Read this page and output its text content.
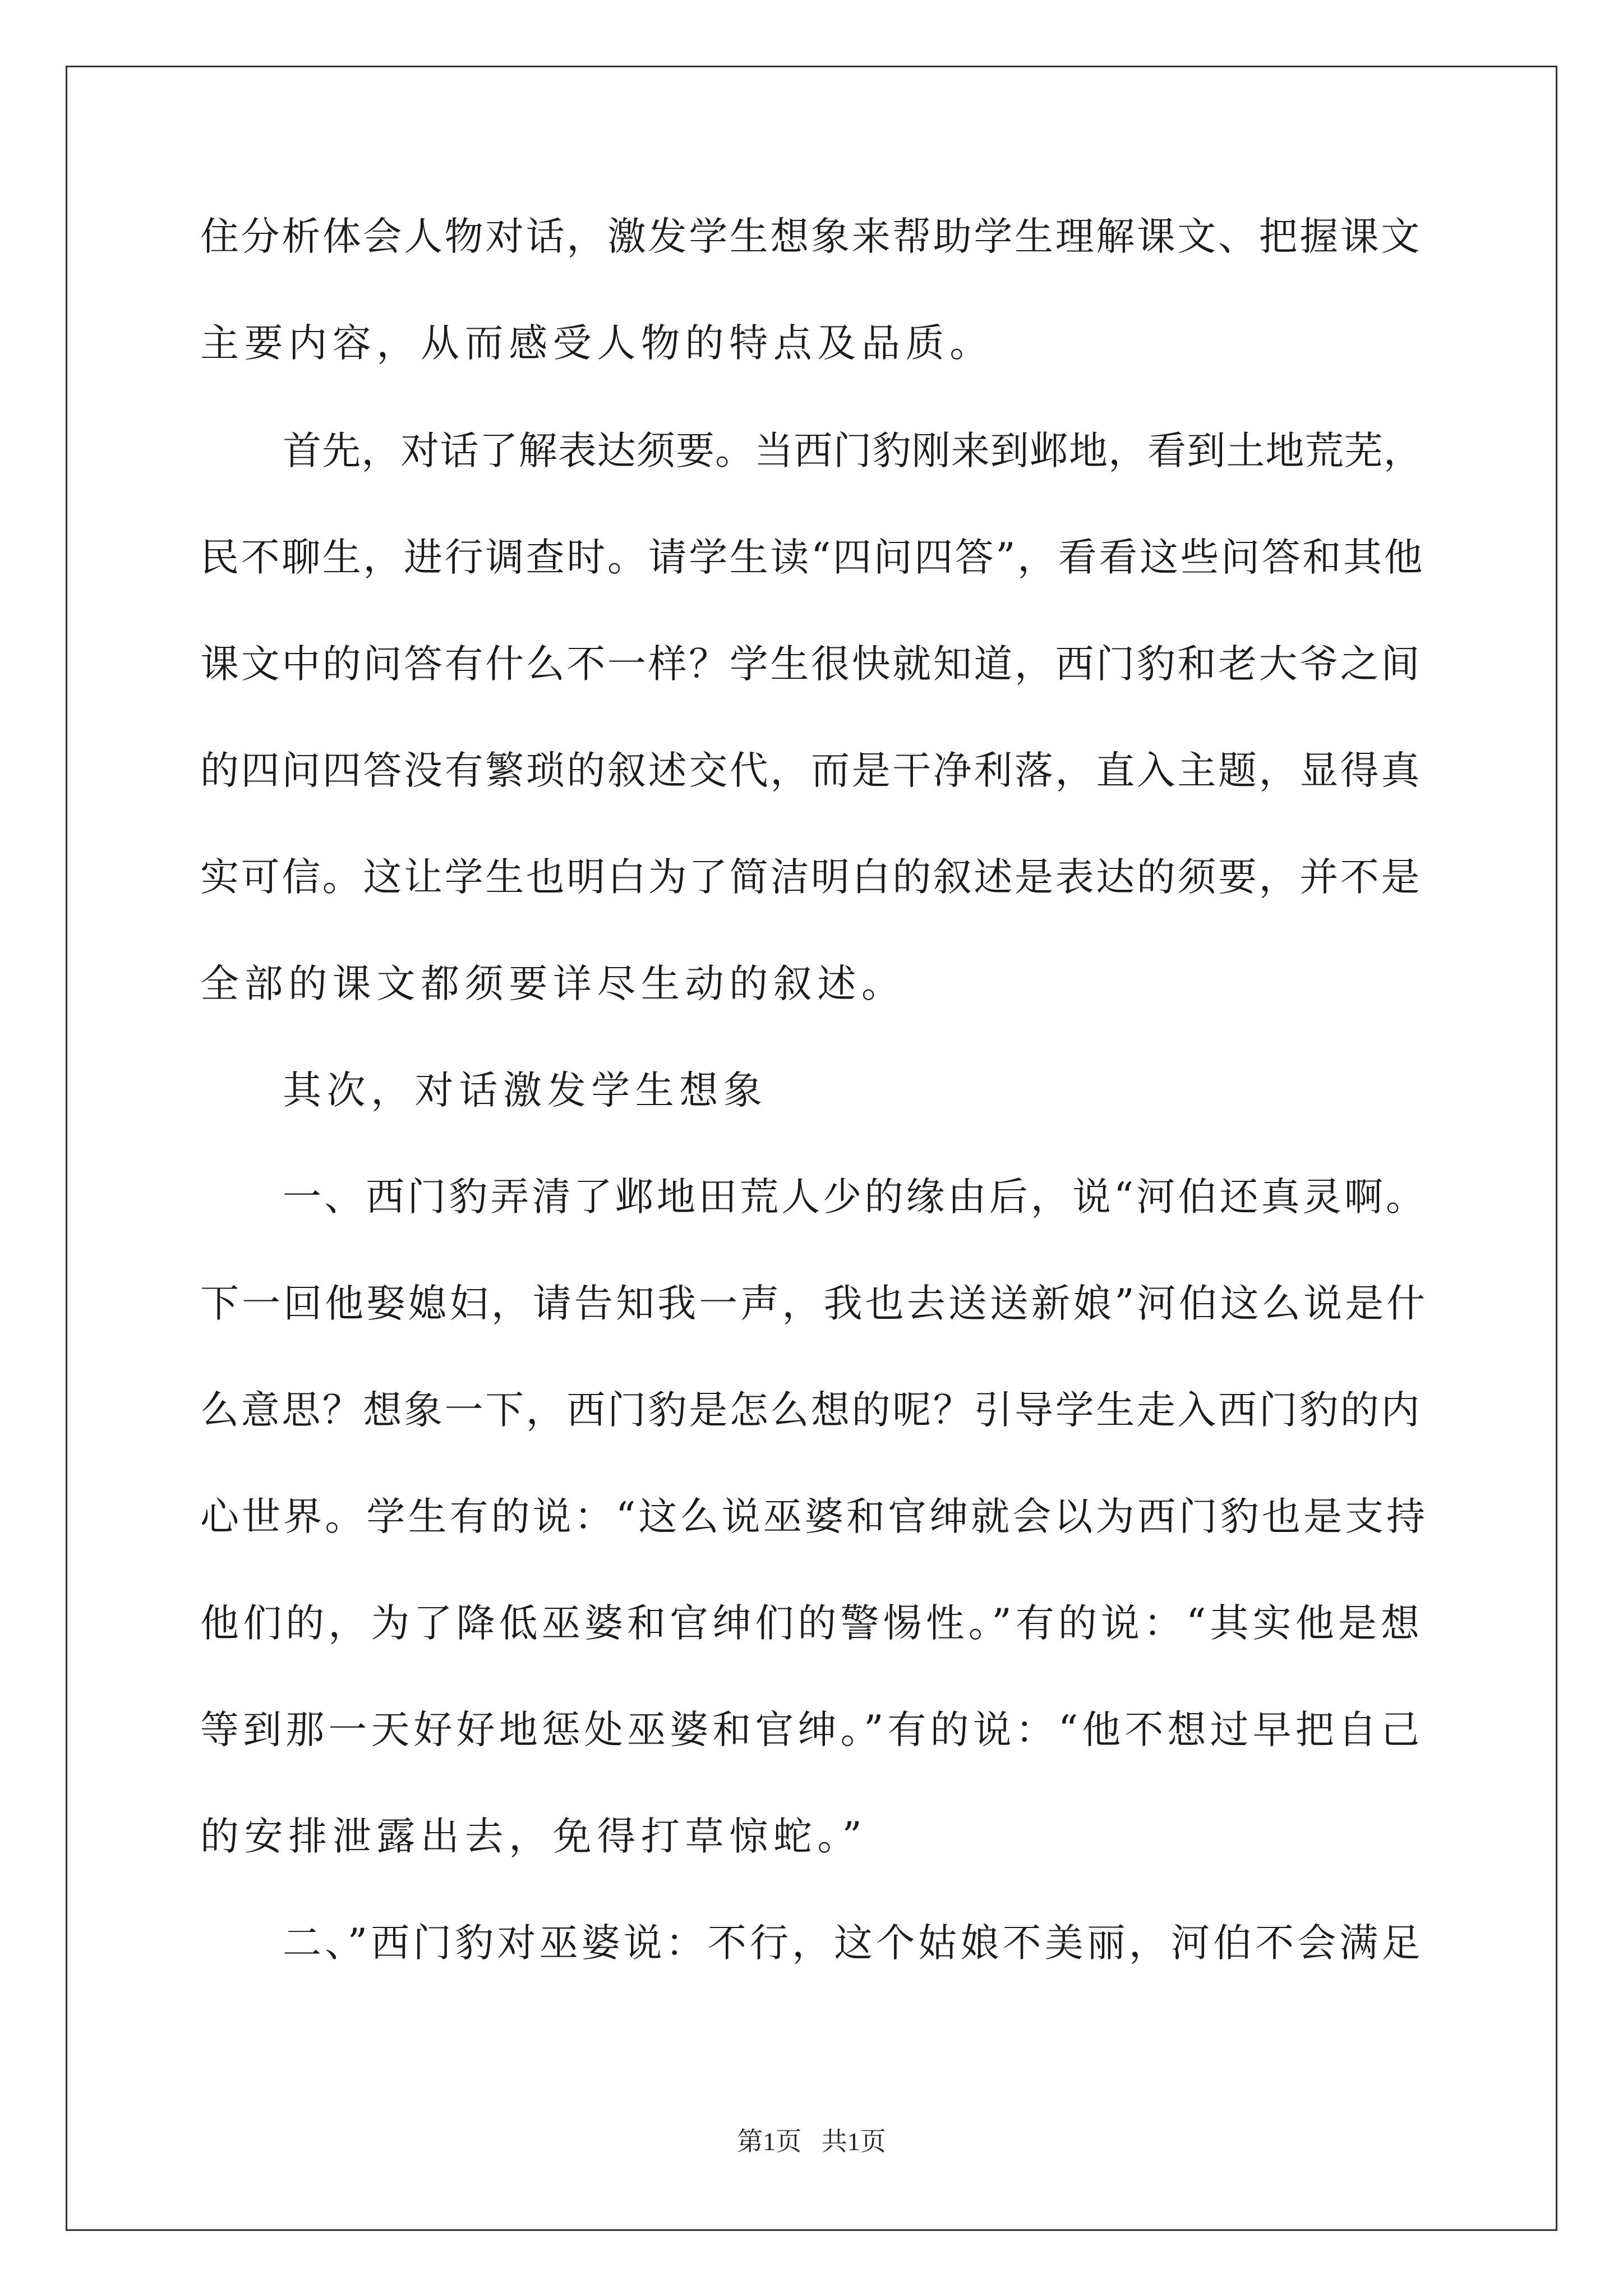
住分析体会人物对话，激发学生想象来帮助学生理解课文、把握课文
主要内容，从而感受人物的特点及品质。
首先，对话了解表达须要。当西门豹刚来到邺地，看到土地荒芜，
民不聊生，进行调查时。请学生读“四问四答”，看看这些问答和其他
课文中的问答有什么不一样？学生很快就知道，西门豹和老大爷之间
的四问四答没有繁琐的叙述交代，而是干净利落，直入主题，显得真
实可信。这让学生也明白为了简洁明白的叙述是表达的须要，并不是
全部的课文都须要详尽生动的叙述。
其次，对话激发学生想象
一、西门豹弄清了邺地田荒人少的缘由后，说“河伯还真灵啊。
下一回他娶媳妇，请告知我一声，我也去送送新娘”河伯这么说是什
么意思？想象一下，西门豹是怎么想的呢？引导学生走入西门豹的内
心世界。学生有的说：“这么说巫婆和官绅就会以为西门豹也是支持
他们的，为了降低巫婆和官绅们的警惕性。”有的说：“其实他是想
等到那一天好好地惩处巫婆和官绅。”有的说：“他不想过早把自己
的安排泄露出去，免得打草惊蛇。”
二、”西门豹对巫婆说：不行，这个姑娘不美丽，河伯不会满足
第1页 共1页
